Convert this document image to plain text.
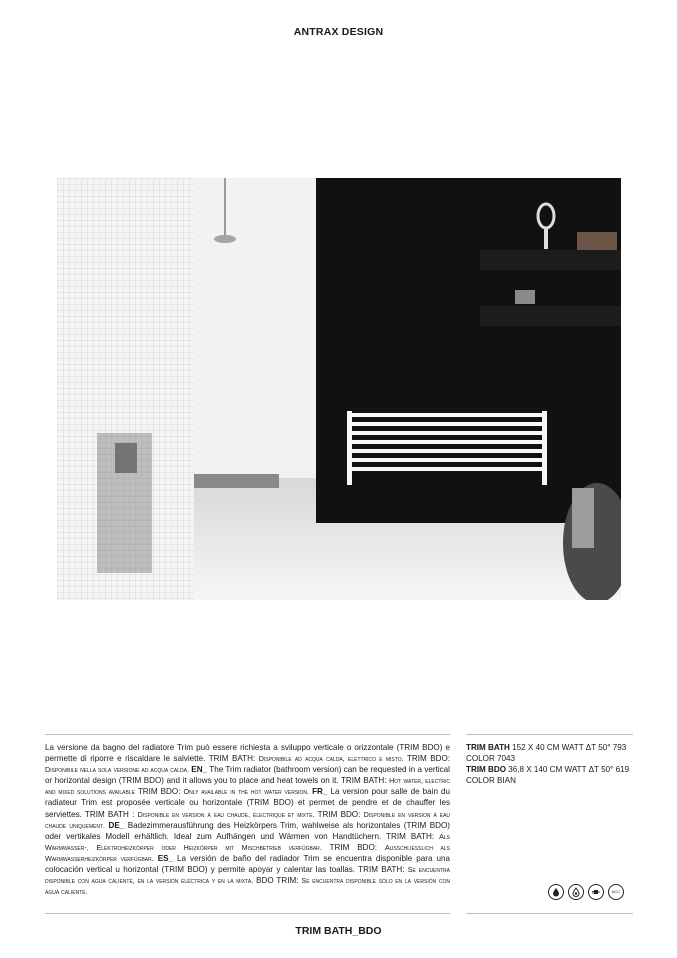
ANTRAX DESIGN
La versione da bagno del radiatore Trim può essere richiesta a sviluppo verticale o orizzontale (TRIM BDO) e permette di riporre e riscaldare le salviette. TRIM BATH: Disponibile ad acqua calda, elettrico e misto. TRIM BDO: Disponibile nella sola versione ad acqua calda. EN_ The Trim radiator (bathroom version) can be requested in a vertical or horizontal design (TRIM BDO) and it allows you to place and heat towels on it. TRIM BATH: Hot water, electric and mixed solutions available TRIM BDO: Only available in the hot water version. FR_ La version pour salle de bain du radiateur Trim est proposée verticale ou horizontale (TRIM BDO) et permet de pendre et de chauffer les serviettes. TRIM BATH : Disponible en version à eau chaude, électrique et mixte. TRIM BDO: Disponible en version à eau chaude uniquement. DE_ Badezimmerausführung des Heizkörpers Trim, wahlweise als horizontales (TRIM BDO) oder vertikales Modell erhältlich. Ideal zum Aufhängen und Wärmen von Handtüchern. TRIM BATH: Als Warmwasser-, Elektroheizkörper oder Heizkörper mit Mischbetrieb verfügbar. TRIM BDO: Ausschliesslich als Warmwasserheizkörper verfügbar. ES_ La versión de baño del radiador Trim se encuentra disponible para una colocación vertical u horizontal (TRIM BDO) y permite apoyar y calentar las toallas. TRIM BATH: Se encuentra disponible con agua caliente, en la versión eléctrica y en la mixta. BDO TRIM: Se encuentra disponible sólo en la versión con agua caliente.
TRIM BATH 152 X 40 CM WATT ΔT 50° 793 COLOR 7043
TRIM BDO 36,8 X 140 CM WATT ΔT 50° 619 COLOR BIAN
ACC
TRIM BATH_BDO
